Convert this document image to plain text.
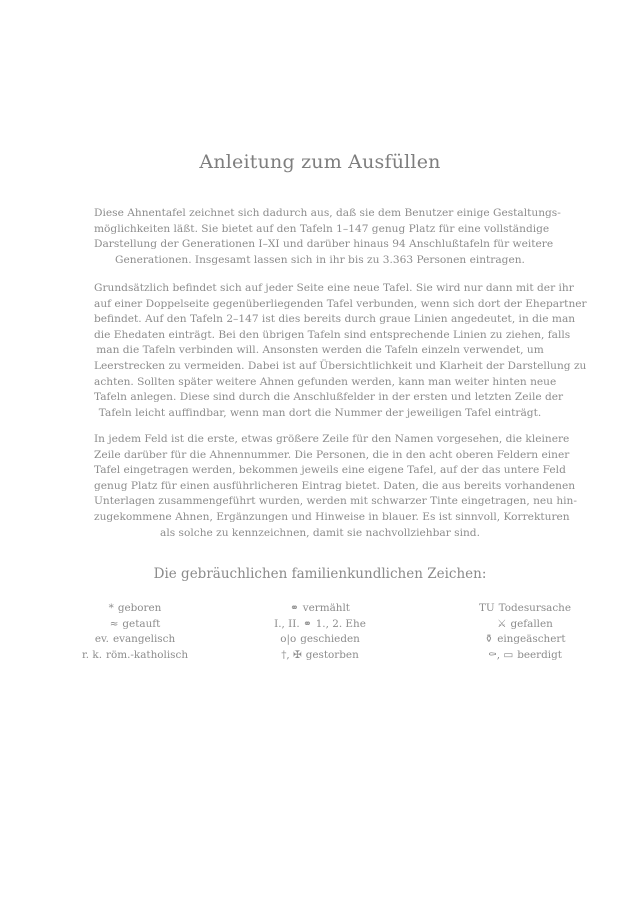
Anleitung zum Ausfüllen
Diese Ahnentafel zeichnet sich dadurch aus, daß sie dem Benutzer einige Gestaltungs-
möglichkeiten läßt. Sie bietet auf den Tafeln 1–147 genug Platz für eine vollständige
Darstellung der Generationen I–XI und darüber hinaus 94 Anschlußtafeln für weitere
Generationen. Insgesamt lassen sich in ihr bis zu 3.363 Personen eintragen.
Grundsätzlich befindet sich auf jeder Seite eine neue Tafel. Sie wird nur dann mit der ihr
auf einer Doppelseite gegenüberliegenden Tafel verbunden, wenn sich dort der Ehepartner
befindet. Auf den Tafeln 2–147 ist dies bereits durch graue Linien angedeutet, in die man
die Ehedaten einträgt. Bei den übrigen Tafeln sind entsprechende Linien zu ziehen, falls
man die Tafeln verbinden will. Ansonsten werden die Tafeln einzeln verwendet, um
Leerstrecken zu vermeiden. Dabei ist auf Übersichtlichkeit und Klarheit der Darstellung zu
achten. Sollten später weitere Ahnen gefunden werden, kann man weiter hinten neue
Tafeln anlegen. Diese sind durch die Anschlußfelder in der ersten und letzten Zeile der
Tafeln leicht auffindbar, wenn man dort die Nummer der jeweiligen Tafel einträgt.
In jedem Feld ist die erste, etwas größere Zeile für den Namen vorgesehen, die kleinere
Zeile darüber für die Ahnennummer. Die Personen, die in den acht oberen Feldern einer
Tafel eingetragen werden, bekommen jeweils eine eigene Tafel, auf der das untere Feld
genug Platz für einen ausführlicheren Eintrag bietet. Daten, die aus bereits vorhandenen
Unterlagen zusammengeführt wurden, werden mit schwarzer Tinte eingetragen, neu hin-
zugekommene Ahnen, Ergänzungen und Hinweise in blauer. Es ist sinnvoll, Korrekturen
als solche zu kennzeichnen, damit sie nachvollziehbar sind.
Die gebräuchlichen familienkundlichen Zeichen:
* geboren
≈ getauft
ev. evangelisch
r. k. röm.-katholisch
⚭ vermählt
I., II. ⚭ 1., 2. Ehe
o|o geschieden
†, ✠ gestorben
TU Todesursache
⚔ gefallen
⚱ eingeäschert
⚰, ▭ beerdigt
